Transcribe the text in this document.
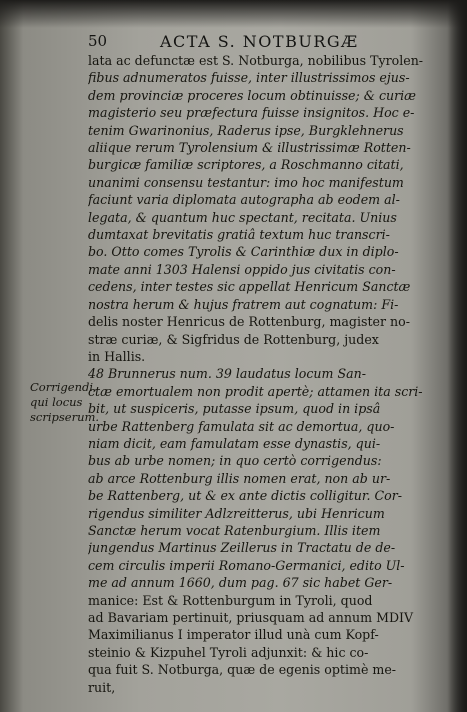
50	ACTA S. NOTBURGÆ
Corrigendi,
qui locus
scripserum.
lata ac defunctæ est S. Notburga, nobilibus Tyrolen-
fibus adnumeratos fuisse, inter illustrissimos ejus-
dem provinciæ proceres locum obtinuisse; & curiæ
magisterio seu præfectura fuisse insignitos. Hoc e-
tenim Gwarinonius, Raderus ipse, Burgklehnerus
aliique rerum Tyrolensium & illustrissimæ Rotten-
burgicæ familiæ scriptores, a Roschmanno citati,
unanimi consensu testantur: imo hoc manifestum
faciunt varia diplomata autographa ab eodem al-
legata, & quantum huc spectant, recitata. Unius
dumtaxat brevitatis gratiâ textum huc transcri-
bo. Otto comes Tyrolis & Carinthiæ dux in diplo-
mate anni 1303 Halensi oppido jus civitatis con-
cedens, inter testes sic appellat Henricum Sanctæ
nostra herum & hujus fratrem aut cognatum: Fi-
delis noster Henricus de Rottenburg, magister no-
stræ curiæ, & Sigfridus de Rottenburg, judex
in Hallis.
48 Brunnerus num. 39 laudatus locum San-
ctæ emortualem non prodit apertè; attamen ita scri-
bit, ut suspiceris, putasse ipsum, quod in ipsâ
urbe Rattenberg famulata sit ac demortua, quo-
niam dicit, eam famulatam esse dynastis, qui-
bus ab urbe nomen; in quo certò corrigendus:
ab arce Rottenburg illis nomen erat, non ab ur-
be Rattenberg, ut & ex ante dictis colligitur. Cor-
rigendus similiter Adlzreitterus, ubi Henricum
Sanctæ herum vocat Ratenburgium. Illis item
jungendus Martinus Zeillerus in Tractatu de de-
cem circulis imperii Romano-Germanici, edito Ul-
me ad annum 1660, dum pag. 67 sic habet Ger-
manice: Est & Rottenburgum in Tyroli, quod
ad Bavariam pertinuit, priusquam ad annum MDIV
Maximilianus I imperator illud unà cum Kopf-
steinio & Kizpuhel Tyroli adjunxit: & hic co-
qua fuit S. Notburga, quæ de egenis optimè me-
ruit,
